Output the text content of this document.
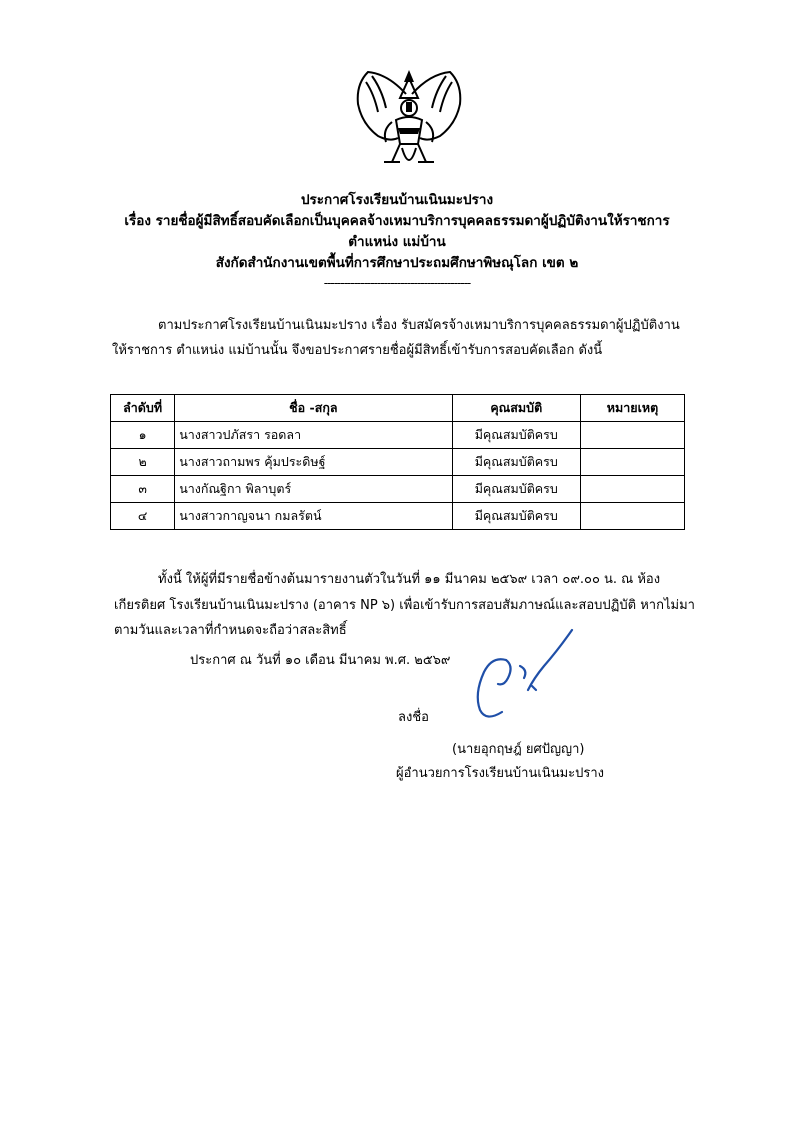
ประกาศโรงเรียนบ้านเนินมะปราง
เรื่อง รายชื่อผู้มีสิทธิ์สอบคัดเลือกเป็นบุคคลจ้างเหมาบริการบุคคลธรรมดาผู้ปฏิบัติงานให้ราชการ
ตำแหน่ง แม่บ้าน
สังกัดสำนักงานเขตพื้นที่การศึกษาประถมศึกษาพิษณุโลก เขต ๒
--------------------------------------------
ตามประกาศโรงเรียนบ้านเนินมะปราง เรื่อง รับสมัครจ้างเหมาบริการบุคคลธรรมดาผู้ปฏิบัติงาน
ให้ราชการ ตำแหน่ง แม่บ้านนั้น จึงขอประกาศรายชื่อผู้มีสิทธิ์เข้ารับการสอบคัดเลือก ดังนี้
ลำดับที่	ชื่อ -สกุล	คุณสมบัติ	หมายเหตุ
๑	นางสาวปภัสรา รอดลา	มีคุณสมบัติครบ	
๒	นางสาวถามพร คุ้มประดิษฐ์	มีคุณสมบัติครบ	
๓	นางกัณฐิกา พิลาบุตร์	มีคุณสมบัติครบ	
๔	นางสาวกาญจนา กมลรัตน์	มีคุณสมบัติครบ	
ทั้งนี้ ให้ผู้ที่มีรายชื่อข้างต้นมารายงานตัวในวันที่ ๑๑ มีนาคม ๒๕๖๙ เวลา ๐๙.๐๐ น. ณ ห้อง
เกียรติยศ โรงเรียนบ้านเนินมะปราง (อาคาร NP ๖) เพื่อเข้ารับการสอบสัมภาษณ์และสอบปฏิบัติ หากไม่มา
ตามวันและเวลาที่กำหนดจะถือว่าสละสิทธิ์
ประกาศ ณ วันที่ ๑๐ เดือน มีนาคม พ.ศ. ๒๕๖๙
ลงชื่อ
(นายอุกฤษฎ์ ยศปัญญา)
ผู้อำนวยการโรงเรียนบ้านเนินมะปราง
